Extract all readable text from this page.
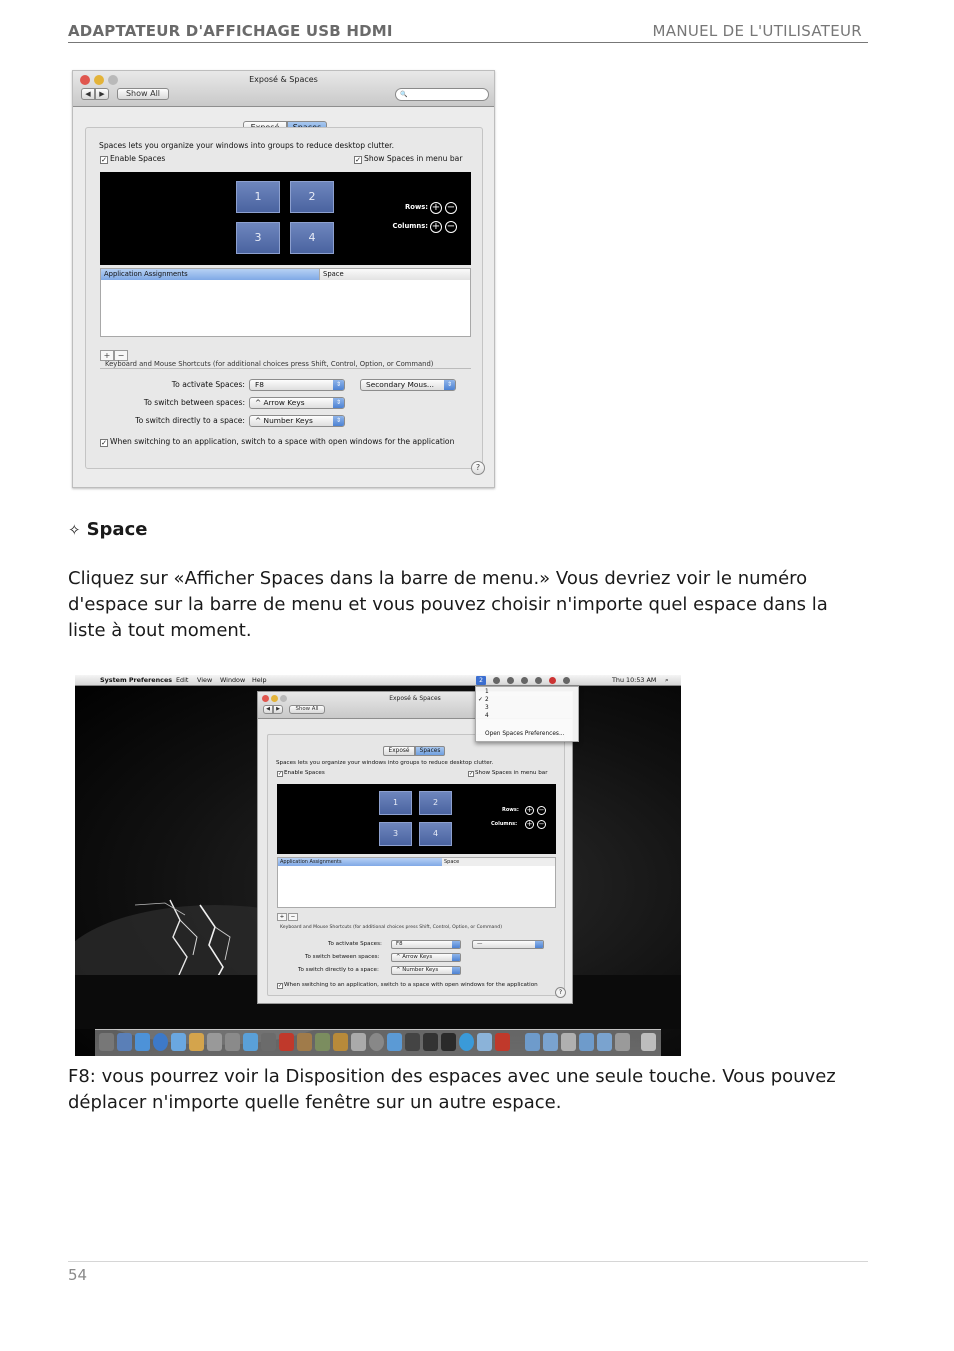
ADAPTATEUR D'AFFICHAGE USB HDMI	MANUEL DE L'UTILISATEUR
Exposé & Spaces
◀	▶	Show All	🔍
Spaces lets you organize your windows into groups to reduce desktop clutter.
✓ Enable Spaces	✓ Show Spaces in menu bar
1	2
3	4
Rows: + −
Columns: + −
Application Assignments	Space
+ −
Keyboard and Mouse Shortcuts (for additional choices press Shift, Control, Option, or Command)
To activate Spaces:	F8	⇕	Secondary Mous...	⇕
To switch between spaces:	^ Arrow Keys	⇕
To switch directly to a space:	^ Number Keys	⇕
✓ When switching to an application, switch to a space with open windows for the application
?
✧ Space
Cliquez sur «Afficher Spaces dans la barre de menu.» Vous devriez voir le numéro d'espace sur la barre de menu et vous pouvez choisir n'importe quel espace dans la liste à tout moment.
System Preferences Edit View Window Help	2	Thu 10:53 AM ⌕
Exposé & Spaces
◀	▶	Show All
Exposé	Spaces
Spaces lets you organize your windows into groups to reduce desktop clutter.
✓ Enable Spaces	✓ Show Spaces in menu bar
1	2
3	4
Rows: + −
Columns: + −
Application Assignments	Space
+	−
Keyboard and Mouse Shortcuts (for additional choices press Shift, Control, Option, or Command)
To activate Spaces:	F8	—
To switch between spaces:	^ Arrow Keys
To switch directly to a space:	^ Number Keys
✓ When switching to an application, switch to a space with open windows for the application
?
1
✓ 2
3
4
Open Spaces Preferences...
F8: vous pourrez voir la Disposition des espaces avec une seule touche. Vous pouvez déplacer n'importe quelle fenêtre sur un autre espace.
54
